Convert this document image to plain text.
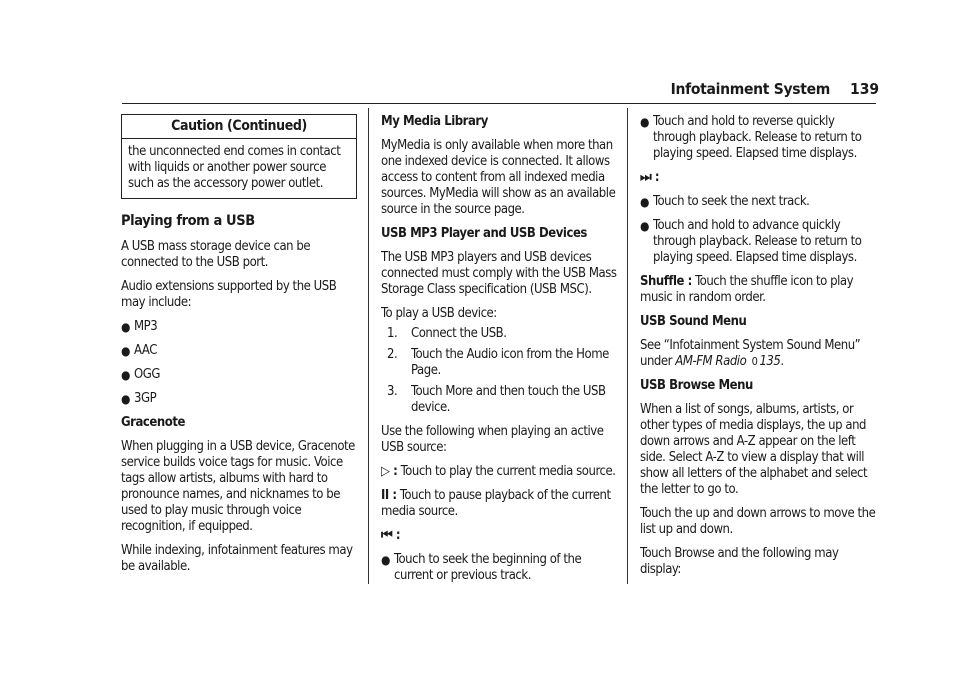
Infotainment System 139
Caution (Continued)
the unconnected end comes in contact with liquids or another power source such as the accessory power outlet.
Playing from a USB

A USB mass storage device can be connected to the USB port.

Audio extensions supported by the USB may include:

● MP3
● AAC
● OGG
● 3GP

Gracenote

When plugging in a USB device, Gracenote service builds voice tags for music. Voice tags allow artists, albums with hard to pronounce names, and nicknames to be used to play music through voice recognition, if equipped.

While indexing, infotainment features may be available.

My Media Library

MyMedia is only available when more than one indexed device is connected. It allows access to content from all indexed media sources. MyMedia will show as an available source in the source page.

USB MP3 Player and USB Devices

The USB MP3 players and USB devices connected must comply with the USB Mass Storage Class specification (USB MSC).

To play a USB device:

1. Connect the USB.
2. Touch the Audio icon from the Home Page.
3. Touch More and then touch the USB device.

Use the following when playing an active USB source:

▷ : Touch to play the current media source.

II : Touch to pause playback of the current media source.

⏮ :

● Touch to seek the beginning of the current or previous track.
● Touch and hold to reverse quickly through playback. Release to return to playing speed. Elapsed time displays.

⏭ :

● Touch to seek the next track.
● Touch and hold to advance quickly through playback. Release to return to playing speed. Elapsed time displays.

Shuffle : Touch the shuffle icon to play music in random order.

USB Sound Menu

See “Infotainment System Sound Menu” under AM-FM Radio 0 135.

USB Browse Menu

When a list of songs, albums, artists, or other types of media displays, the up and down arrows and A-Z appear on the left side. Select A-Z to view a display that will show all letters of the alphabet and select the letter to go to.

Touch the up and down arrows to move the list up and down.

Touch Browse and the following may display:
